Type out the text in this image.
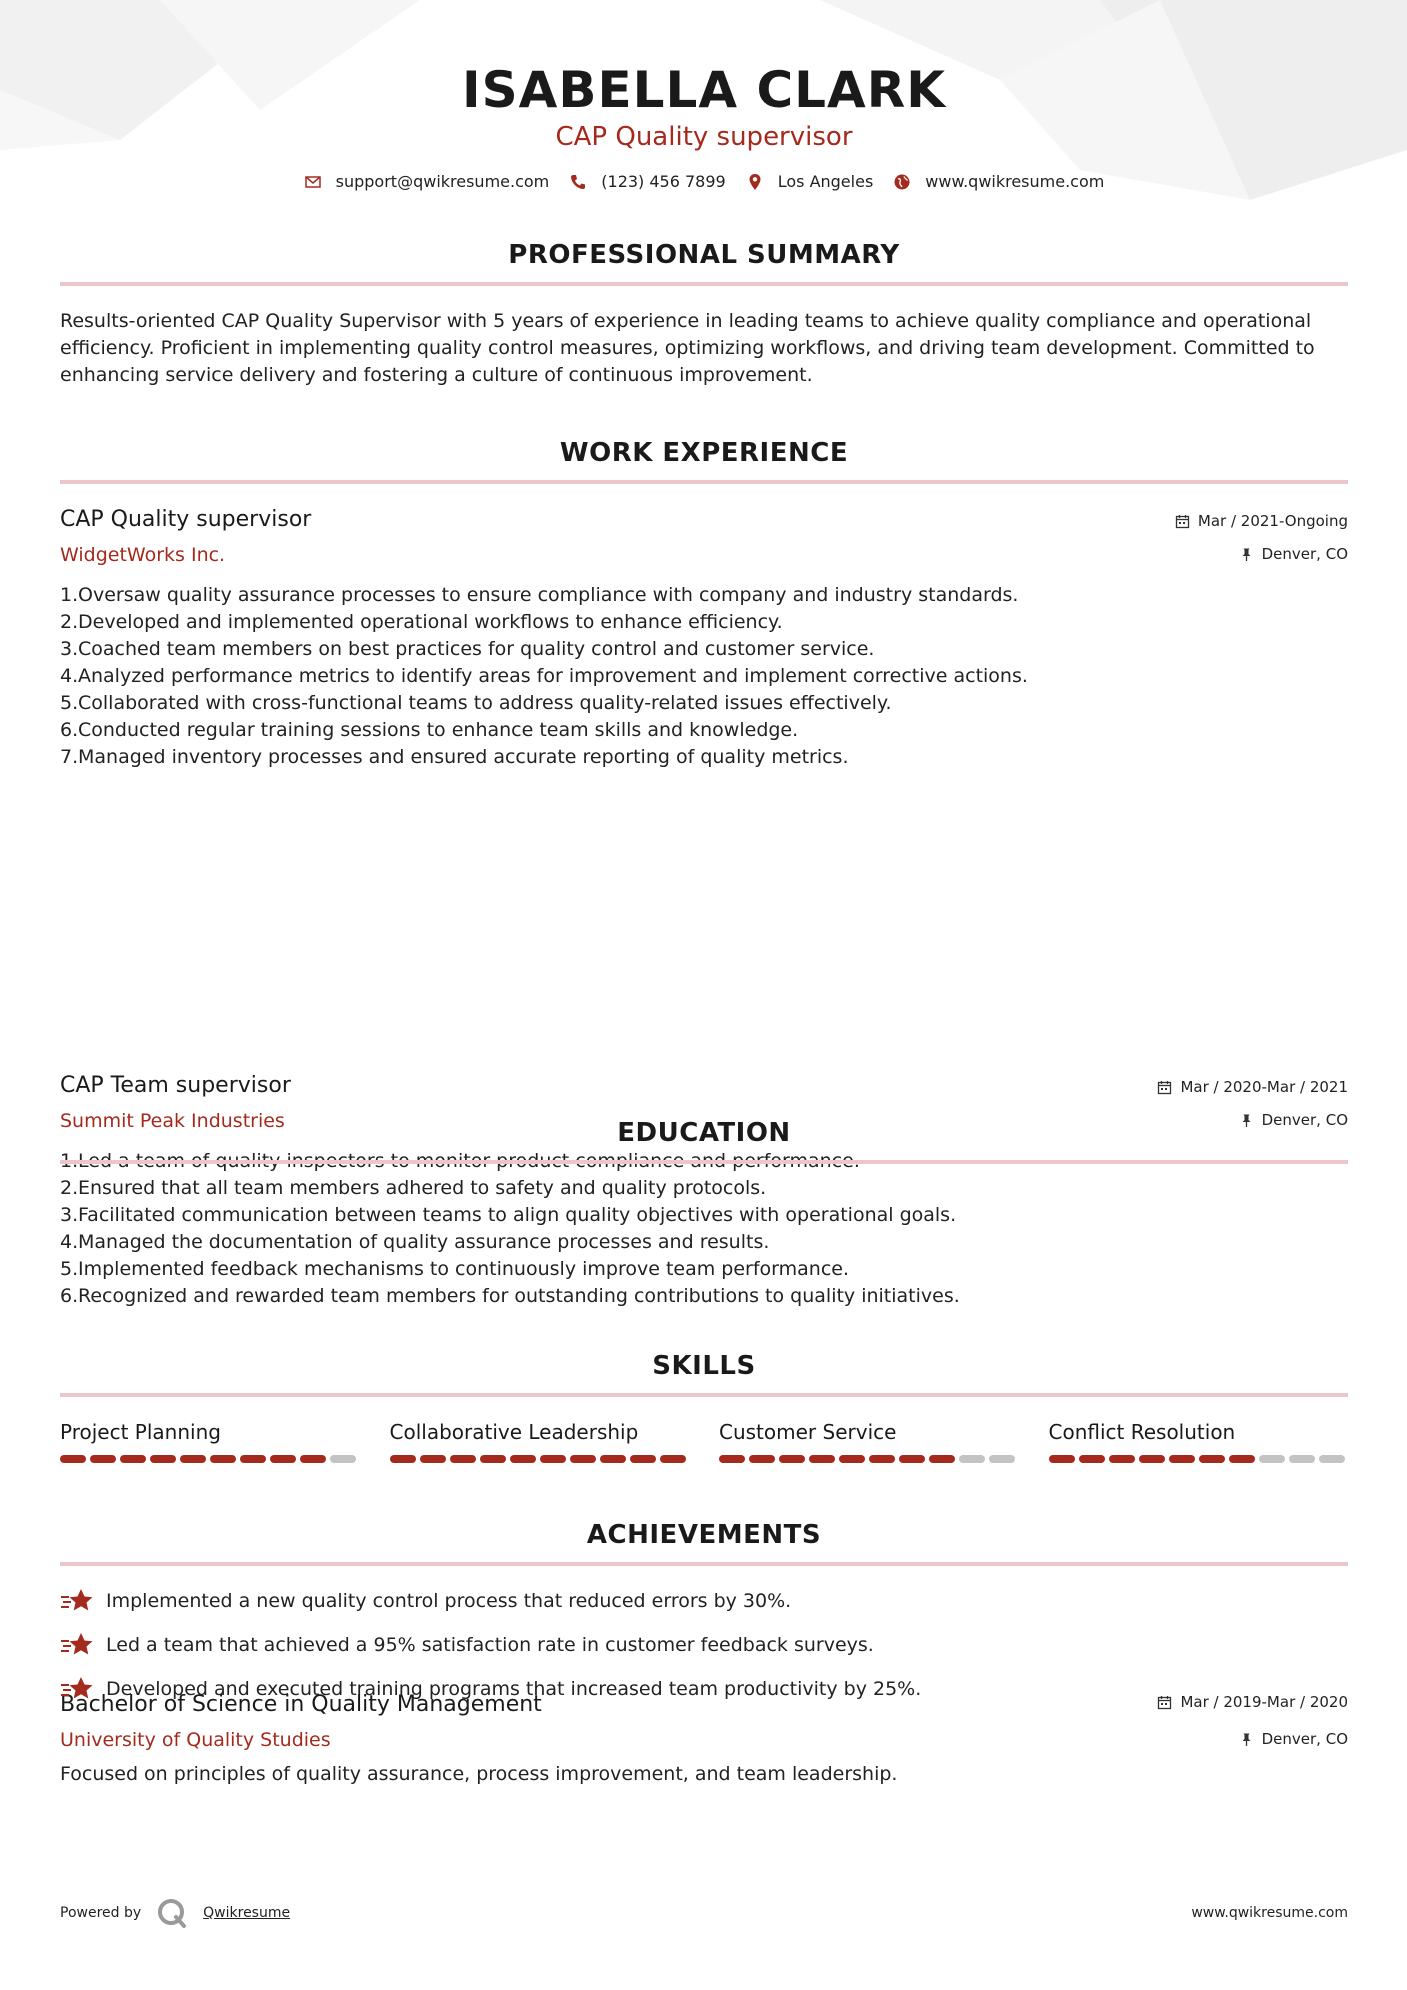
ISABELLA CLARK
CAP Quality supervisor
support@qwikresume.com	(123) 456 7899	Los Angeles	www.qwikresume.com
PROFESSIONAL SUMMARY
Results-oriented CAP Quality Supervisor with 5 years of experience in leading teams to achieve quality compliance and operational efficiency. Proficient in implementing quality control measures, optimizing workflows, and driving team development. Committed to enhancing service delivery and fostering a culture of continuous improvement.
WORK EXPERIENCE
CAP Quality supervisor
WidgetWorks Inc.
Mar / 2021-Ongoing
Denver, CO
1. Oversaw quality assurance processes to ensure compliance with company and industry standards.
2. Developed and implemented operational workflows to enhance efficiency.
3. Coached team members on best practices for quality control and customer service.
4. Analyzed performance metrics to identify areas for improvement and implement corrective actions.
5. Collaborated with cross-functional teams to address quality-related issues effectively.
6. Conducted regular training sessions to enhance team skills and knowledge.
7. Managed inventory processes and ensured accurate reporting of quality metrics.
CAP Team supervisor
Summit Peak Industries
Mar / 2020-Mar / 2021
Denver, CO
2. Ensured that all team members adhered to safety and quality protocols.
3. Facilitated communication between teams to align quality objectives with operational goals.
4. Managed the documentation of quality assurance processes and results.
5. Implemented feedback mechanisms to continuously improve team performance.
6. Recognized and rewarded team members for outstanding contributions to quality initiatives.
EDUCATION
Bachelor of Science in Quality Management
University of Quality Studies
Mar / 2019-Mar / 2020
Denver, CO
Focused on principles of quality assurance, process improvement, and team leadership.
SKILLS
Project Planning	Collaborative Leadership	Customer Service	Conflict Resolution
ACHIEVEMENTS
Implemented a new quality control process that reduced errors by 30%.
Led a team that achieved a 95% satisfaction rate in customer feedback surveys.
Developed and executed training programs that increased team productivity by 25%.
Powered by	Qwikresume	www.qwikresume.com
